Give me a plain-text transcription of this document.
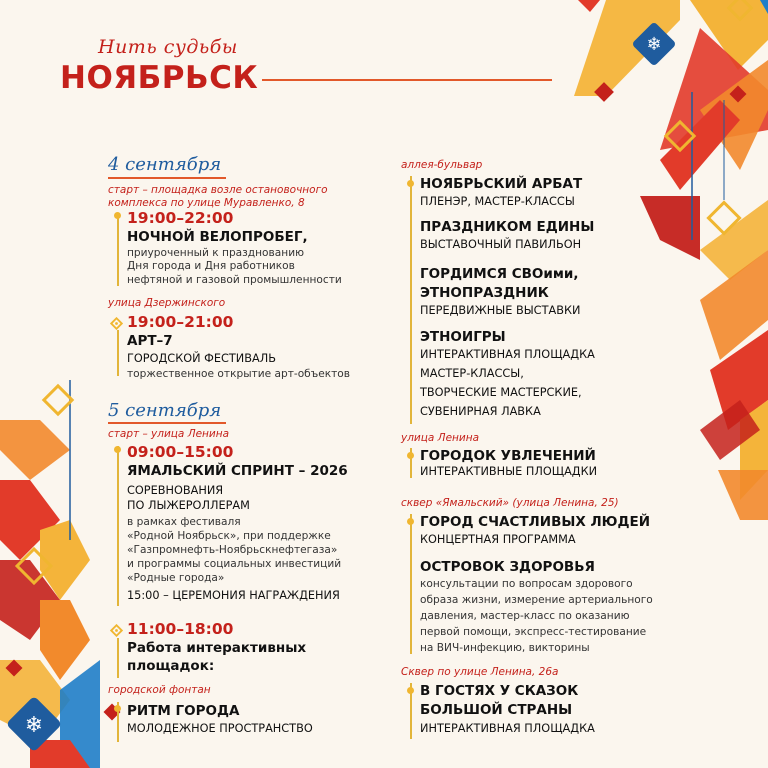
❄
❄
Нить судьбы
НОЯБРЬСК
4 сентября
старт – площадка возле остановочного комплекса по улице Муравленко, 8
19:00–22:00
НОЧНОЙ ВЕЛОПРОБЕГ,
приуроченный к празднованию
Дня города и Дня работников
нефтяной и газовой промышленности
улица Дзержинского
19:00–21:00
АРТ–7
ГОРОДСКОЙ ФЕСТИВАЛЬ
торжественное открытие арт-объектов
5 сентября
старт – улица Ленина
09:00–15:00
ЯМАЛЬСКИЙ СПРИНТ – 2026
СОРЕВНОВАНИЯ
ПО ЛЫЖЕРОЛЛЕРАМ
в рамках фестиваля
«Родной Ноябрьск», при поддержке
«Газпромнефть-Ноябрьскнефтегаза»
и программы социальных инвестиций
«Родные города»
15:00 – ЦЕРЕМОНИЯ НАГРАЖДЕНИЯ
11:00–18:00
Работа интерактивных
площадок:
городской фонтан
РИТМ ГОРОДА
МОЛОДЕЖНОЕ ПРОСТРАНСТВО
аллея-бульвар
НОЯБРЬСКИЙ АРБАТ
ПЛЕНЭР, МАСТЕР-КЛАССЫ
ПРАЗДНИКОМ ЕДИНЫ
ВЫСТАВОЧНЫЙ ПАВИЛЬОН
ГОРДИМСЯ СВОими,
ЭТНОПРАЗДНИК
ПЕРЕДВИЖНЫЕ ВЫСТАВКИ
ЭТНОИГРЫ
ИНТЕРАКТИВНАЯ ПЛОЩАДКА
МАСТЕР-КЛАССЫ,
ТВОРЧЕСКИЕ МАСТЕРСКИЕ,
СУВЕНИРНАЯ ЛАВКА
улица Ленина
ГОРОДОК УВЛЕЧЕНИЙ
ИНТЕРАКТИВНЫЕ ПЛОЩАДКИ
сквер «Ямальский» (улица Ленина, 25)
ГОРОД СЧАСТЛИВЫХ ЛЮДЕЙ
КОНЦЕРТНАЯ ПРОГРАММА
ОСТРОВОК ЗДОРОВЬЯ
консультации по вопросам здорового
образа жизни, измерение артериального
давления, мастер-класс по оказанию
первой помощи, экспресс-тестирование
на ВИЧ-инфекцию, викторины
Сквер по улице Ленина, 26а
В ГОСТЯХ У СКАЗОК
БОЛЬШОЙ СТРАНЫ
ИНТЕРАКТИВНАЯ ПЛОЩАДКА
